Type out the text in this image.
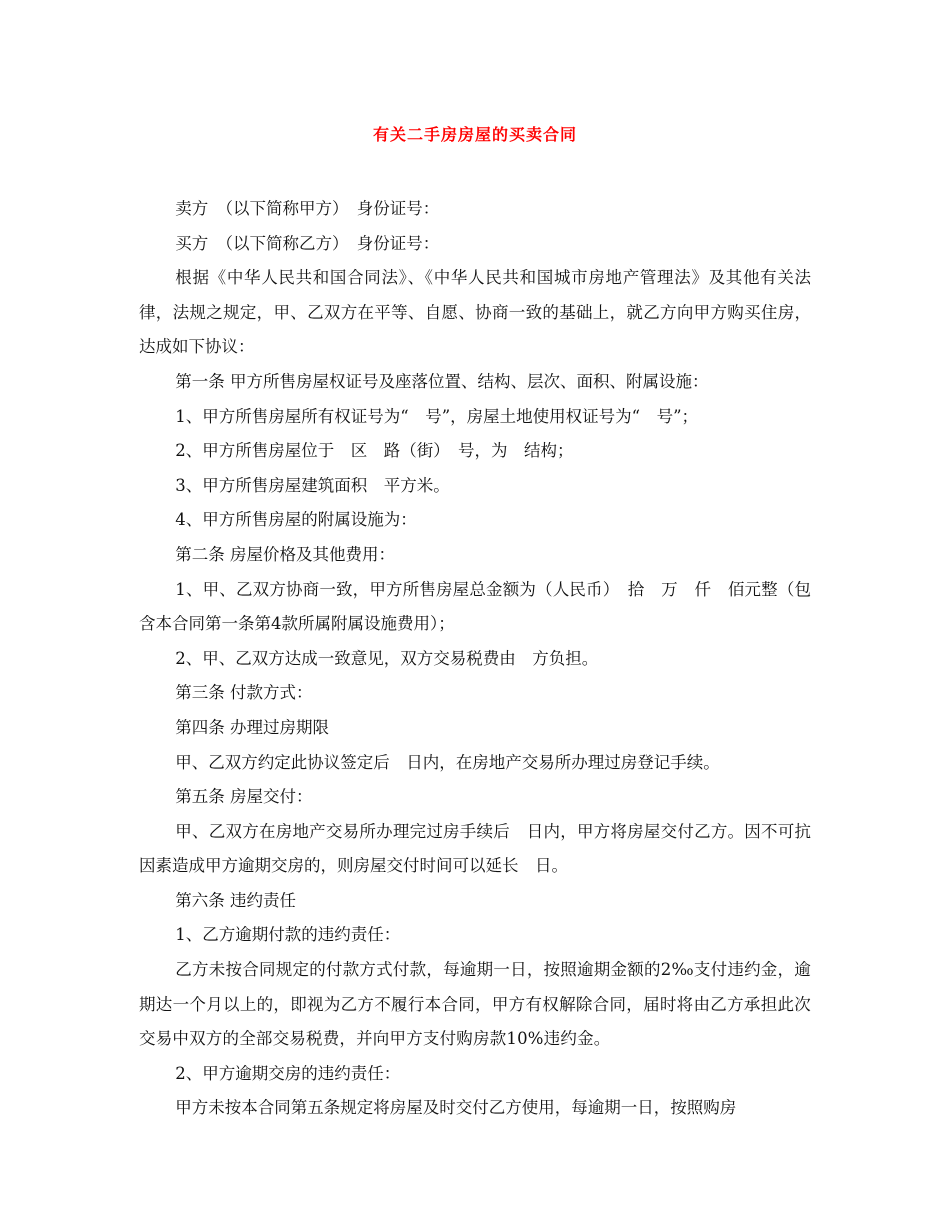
有关二手房房屋的买卖合同

卖方　（以下简称甲方）　身份证号：

买方　（以下简称乙方）　身份证号：

根据《中华人民共和国合同法》、《中华人民共和国城市房地产管理法》及其他有关法律，法规之规定，甲、乙双方在平等、自愿、协商一致的基础上，就乙方向甲方购买住房，达成如下协议：

第一条 甲方所售房屋权证号及座落位置、结构、层次、面积、附属设施：

1、甲方所售房屋所有权证号为“　号”，房屋土地使用权证号为“　号”；

2、甲方所售房屋位于　区　路（街）　号，为　结构；

3、甲方所售房屋建筑面积　平方米。

4、甲方所售房屋的附属设施为：

第二条 房屋价格及其他费用：

1、甲、乙双方协商一致，甲方所售房屋总金额为（人民币）　拾　万　仟　佰元整（包含本合同第一条第4款所属附属设施费用）；

2、甲、乙双方达成一致意见，双方交易税费由　方负担。

第三条 付款方式：

第四条 办理过房期限

甲、乙双方约定此协议签定后　日内，在房地产交易所办理过房登记手续。

第五条 房屋交付：

甲、乙双方在房地产交易所办理完过房手续后　日内，甲方将房屋交付乙方。因不可抗因素造成甲方逾期交房的，则房屋交付时间可以延长　日。

第六条 违约责任

1、乙方逾期付款的违约责任：

乙方未按合同规定的付款方式付款，每逾期一日，按照逾期金额的2‰支付违约金，逾期达一个月以上的，即视为乙方不履行本合同，甲方有权解除合同，届时将由乙方承担此次交易中双方的全部交易税费，并向甲方支付购房款10%违约金。

2、甲方逾期交房的违约责任：

甲方未按本合同第五条规定将房屋及时交付乙方使用，每逾期一日，按照购房
